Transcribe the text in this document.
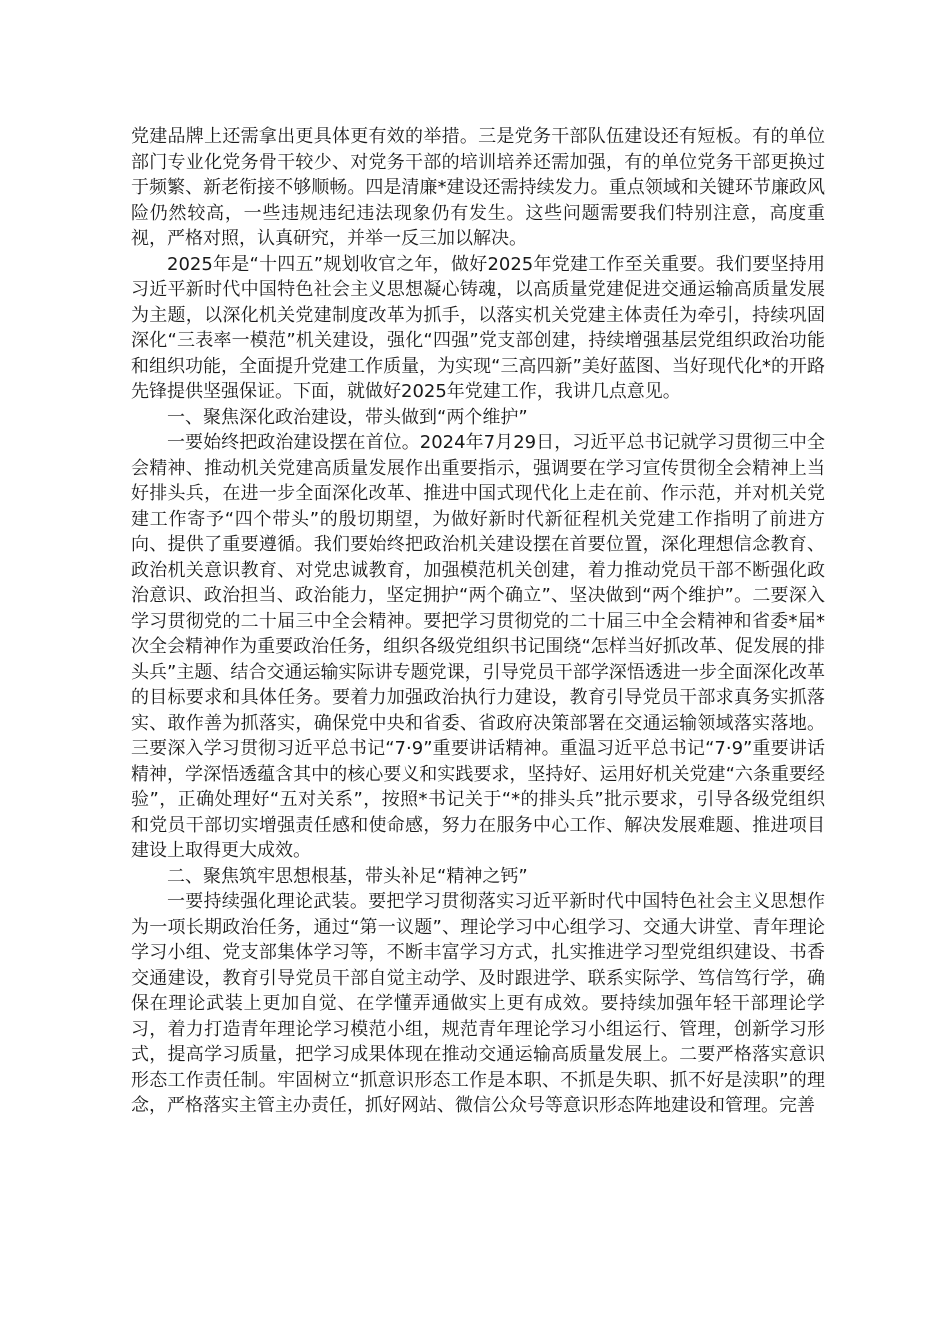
党建品牌上还需拿出更具体更有效的举措。三是党务干部队伍建设还有短板。有的单位部门专业化党务骨干较少、对党务干部的培训培养还需加强，有的单位党务干部更换过于频繁、新老衔接不够顺畅。四是清廉*建设还需持续发力。重点领域和关键环节廉政风险仍然较高，一些违规违纪违法现象仍有发生。这些问题需要我们特别注意，高度重视，严格对照，认真研究，并举一反三加以解决。

2025年是“十四五”规划收官之年，做好2025年党建工作至关重要。我们要坚持用习近平新时代中国特色社会主义思想凝心铸魂，以高质量党建促进交通运输高质量发展为主题，以深化机关党建制度改革为抓手，以落实机关党建主体责任为牵引，持续巩固深化“三表率一模范”机关建设，强化“四强”党支部创建，持续增强基层党组织政治功能和组织功能，全面提升党建工作质量，为实现“三高四新”美好蓝图、当好现代化*的开路先锋提供坚强保证。下面，就做好2025年党建工作，我讲几点意见。

一、聚焦深化政治建设，带头做到“两个维护”

一要始终把政治建设摆在首位。2024年7月29日，习近平总书记就学习贯彻三中全会精神、推动机关党建高质量发展作出重要指示，强调要在学习宣传贯彻全会精神上当好排头兵，在进一步全面深化改革、推进中国式现代化上走在前、作示范，并对机关党建工作寄予“四个带头”的殷切期望，为做好新时代新征程机关党建工作指明了前进方向、提供了重要遵循。我们要始终把政治机关建设摆在首要位置，深化理想信念教育、政治机关意识教育、对党忠诚教育，加强模范机关创建，着力推动党员干部不断强化政治意识、政治担当、政治能力，坚定拥护“两个确立”、坚决做到“两个维护”。二要深入学习贯彻党的二十届三中全会精神。要把学习贯彻党的二十届三中全会精神和省委*届*次全会精神作为重要政治任务，组织各级党组织书记围绕“怎样当好抓改革、促发展的排头兵”主题、结合交通运输实际讲专题党课，引导党员干部学深悟透进一步全面深化改革的目标要求和具体任务。要着力加强政治执行力建设，教育引导党员干部求真务实抓落实、敢作善为抓落实，确保党中央和省委、省政府决策部署在交通运输领域落实落地。三要深入学习贯彻习近平总书记“7·9”重要讲话精神。重温习近平总书记“7·9”重要讲话精神，学深悟透蕴含其中的核心要义和实践要求，坚持好、运用好机关党建“六条重要经验”，正确处理好“五对关系”，按照*书记关于“*的排头兵”批示要求，引导各级党组织和党员干部切实增强责任感和使命感，努力在服务中心工作、解决发展难题、推进项目建设上取得更大成效。

二、聚焦筑牢思想根基，带头补足“精神之钙”

一要持续强化理论武装。要把学习贯彻落实习近平新时代中国特色社会主义思想作为一项长期政治任务，通过“第一议题”、理论学习中心组学习、交通大讲堂、青年理论学习小组、党支部集体学习等，不断丰富学习方式，扎实推进学习型党组织建设、书香交通建设，教育引导党员干部自觉主动学、及时跟进学、联系实际学、笃信笃行学，确保在理论武装上更加自觉、在学懂弄通做实上更有成效。要持续加强年轻干部理论学习，着力打造青年理论学习模范小组，规范青年理论学习小组运行、管理，创新学习形式，提高学习质量，把学习成果体现在推动交通运输高质量发展上。二要严格落实意识形态工作责任制。牢固树立“抓意识形态工作是本职、不抓是失职、抓不好是渎职”的理念，严格落实主管主办责任，抓好网站、微信公众号等意识形态阵地建设和管理。完善
